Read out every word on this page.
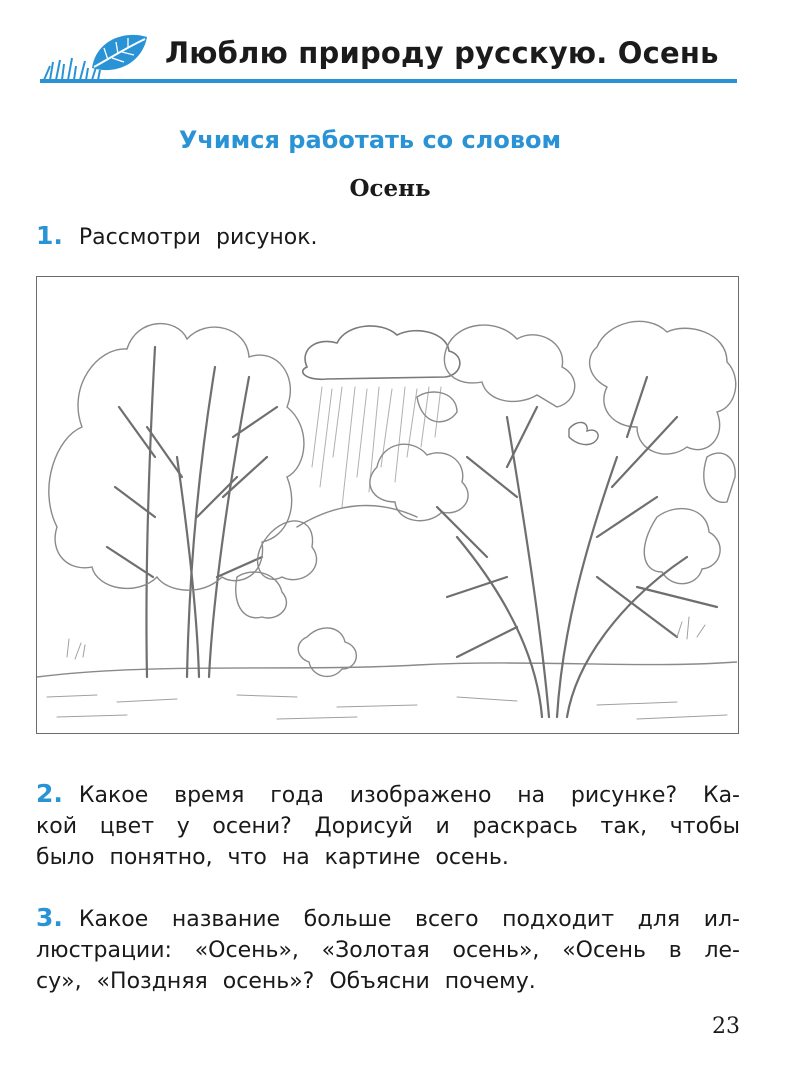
Люблю природу русскую. Осень
Учимся работать со словом
Осень
1. Рассмотри рисунок.
2. Какое время года изображено на рисунке? Ка-
кой цвет у осени? Дорисуй и раскрась так, чтобы
было понятно, что на картине осень.
3. Какое название больше всего подходит для ил-
люстрации: «Осень», «Золотая осень», «Осень в ле-
су», «Поздняя осень»? Объясни почему.
23
